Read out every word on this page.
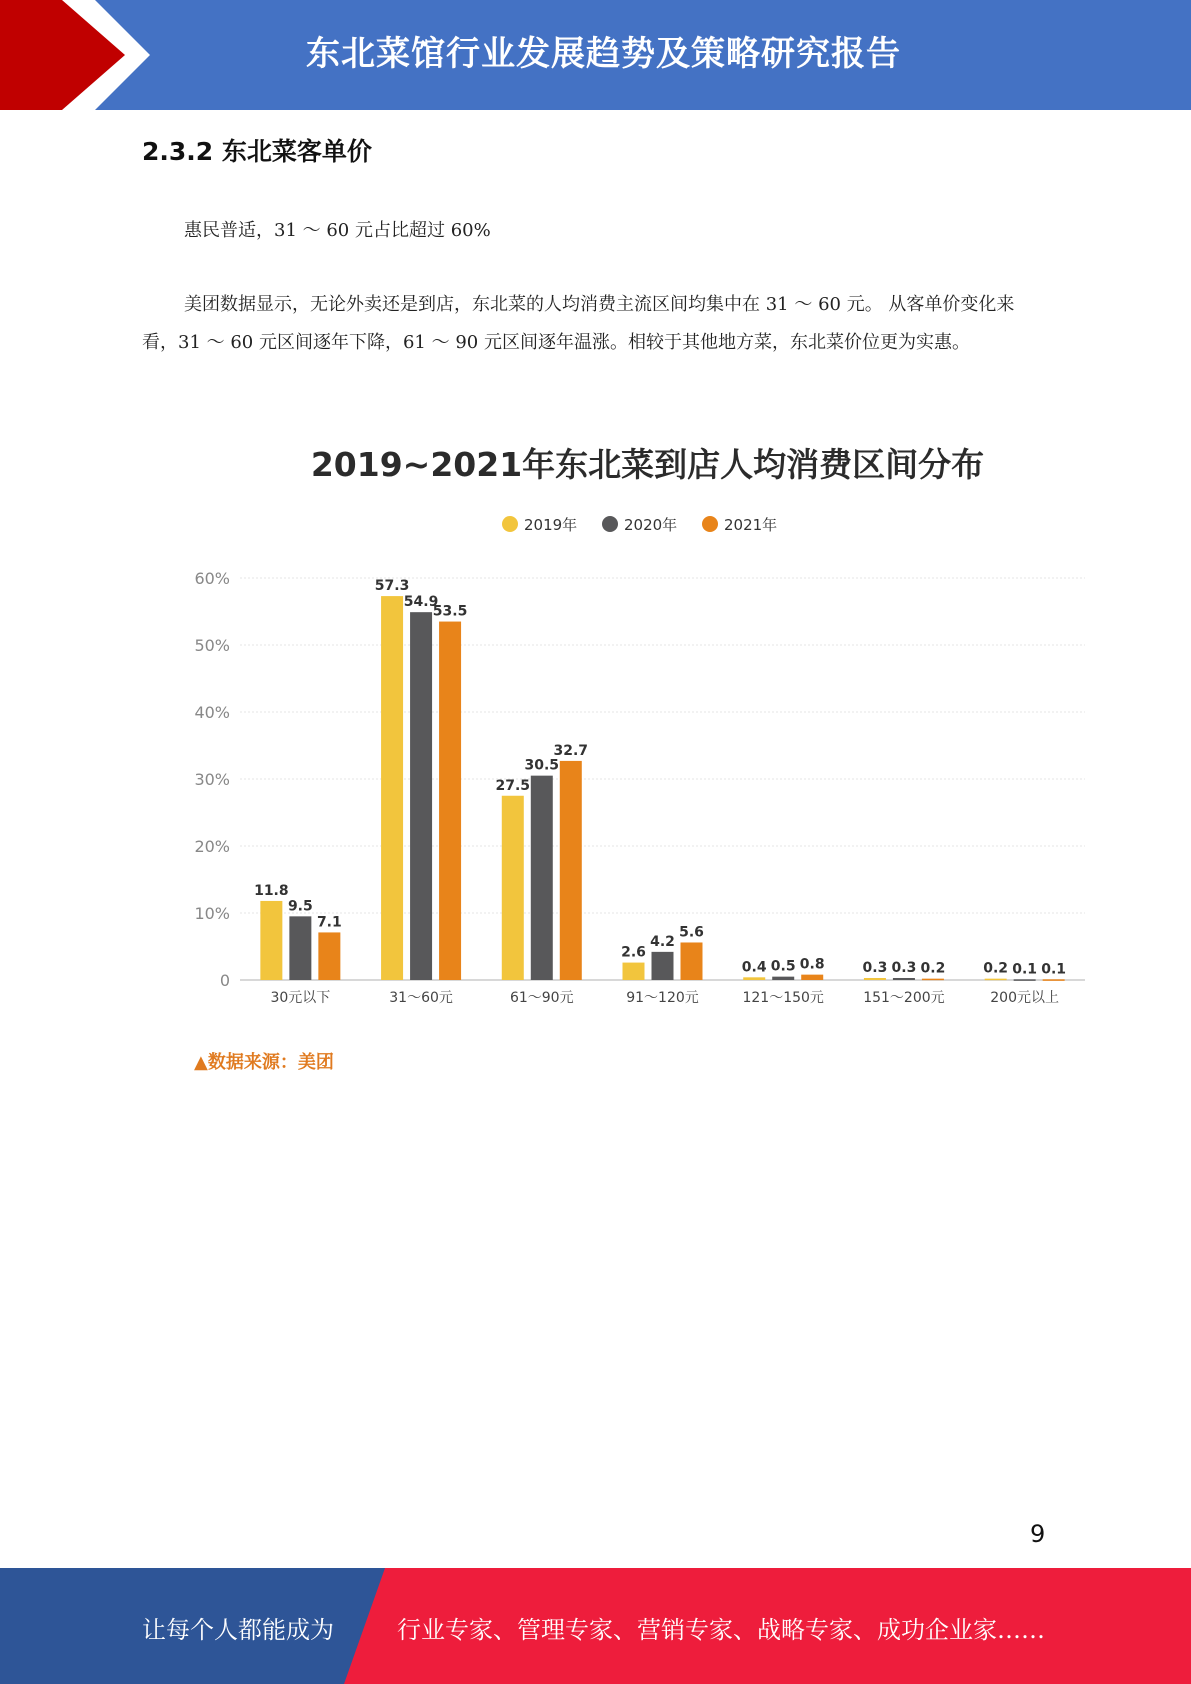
东北菜馆行业发展趋势及策略研究报告
2.3.2 东北菜客单价
惠民普适，31 ～ 60 元占比超过 60%
美团数据显示，无论外卖还是到店，东北菜的人均消费主流区间均集中在 31 ～ 60 元。 从客单价变化来看，31 ～ 60 元区间逐年下降，61 ～ 90 元区间逐年温涨。相较于其他地方菜，东北菜价位更为实惠。
2019~2021年东北菜到店人均消费区间分布
2019年	2020年	2021年
0
10%
20%
30%
40%
50%
60%
11.8
9.5
7.1
30元以下
57.3
54.9
53.5
31～60元
27.5
30.5
32.7
61～90元
2.6
4.2
5.6
91～120元
0.4 0.5 0.8
121～150元
0.3 0.3 0.2
151～200元
0.2 0.1 0.1
200元以上
▲数据来源：美团
9
让每个人都能成为	行业专家、管理专家、营销专家、战略专家、成功企业家……
